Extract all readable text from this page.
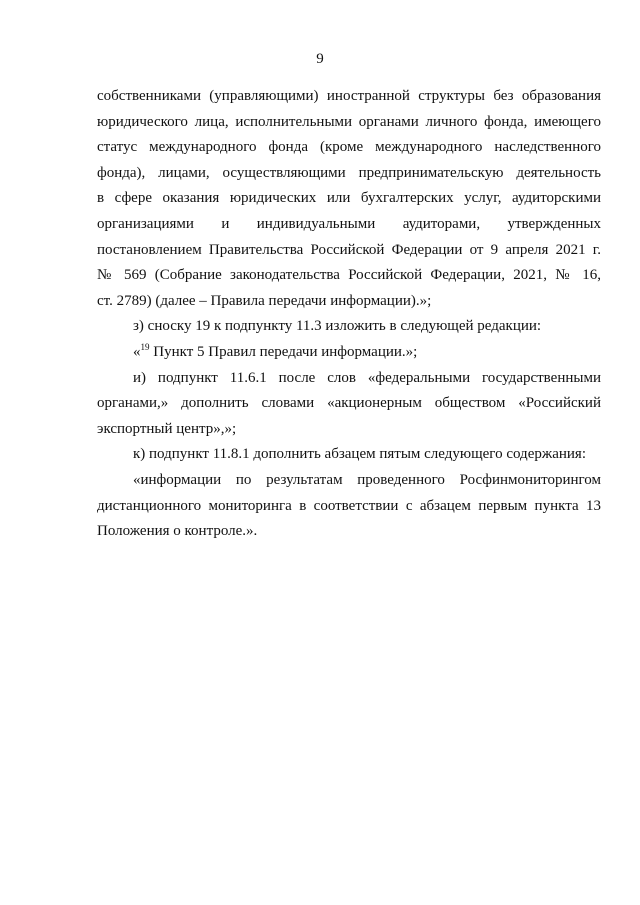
9
собственниками (управляющими) иностранной структуры без образования
юридического лица, исполнительными органами личного фонда, имеющего
статус международного фонда (кроме международного наследственного
фонда), лицами, осуществляющими предпринимательскую деятельность
в сфере оказания юридических или бухгалтерских услуг, аудиторскими
организациями и индивидуальными аудиторами, утвержденных
постановлением Правительства Российской Федерации от 9 апреля 2021 г.
№ 569 (Собрание законодательства Российской Федерации, 2021, № 16,
ст. 2789) (далее – Правила передачи информации).»;
з) сноску 19 к подпункту 11.3 изложить в следующей редакции:
«$^{19}$ Пункт 5 Правил передачи информации.»;
и) подпункт 11.6.1 после слов «федеральными государственными
органами,» дополнить словами «акционерным обществом «Российский
экспортный центр»,»;
к) подпункт 11.8.1 дополнить абзацем пятым следующего содержания:
«информации по результатам проведенного Росфинмониторингом
дистанционного мониторинга в соответствии с абзацем первым пункта 13
Положения о контроле.».
